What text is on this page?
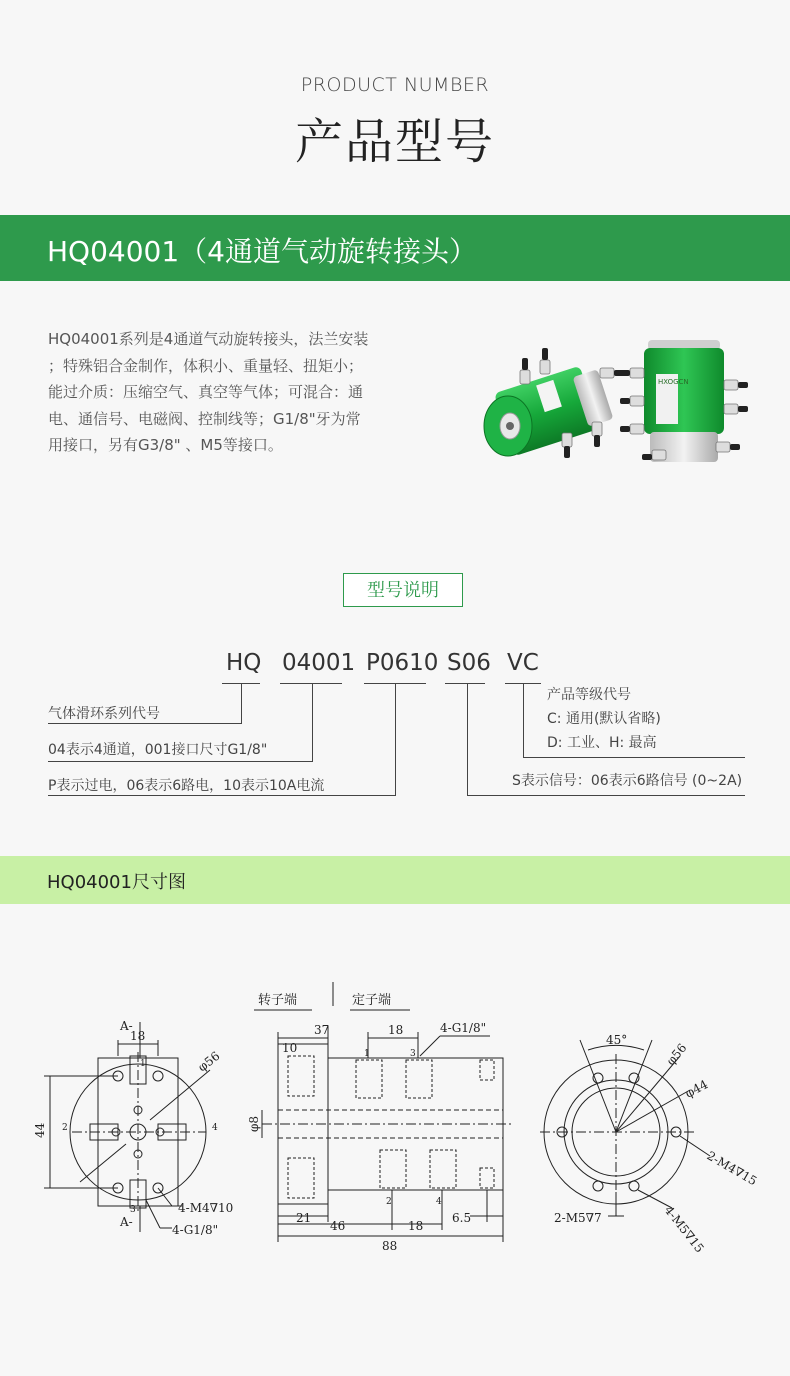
PRODUCT NUMBER
产品型号
HQ04001（4通道气动旋转接头）

HQ04001系列是4通道气动旋转接头，法兰安装

；特殊铝合金制作，体积小、重量轻、扭矩小；

能过介质：压缩空气、真空等气体；可混合：通

电、通信号、电磁阀、控制线等；G1/8"牙为常

用接口，另有G3/8" 、M5等接口。

HXOGCN
型号说明
HQ 04001 P0610 S06 VC
气体滑环系列代号
04表示4通道，001接口尺寸G1/8"
P表示过电，06表示6路电，10表示10A电流	S表示信号：06表示6路信号 (0~2A)
产品等级代号
C: 通用(默认省略)
D: 工业、H: 最高
HQ04001尺寸图
转子端	定子端
φ56
18
A-
A-
44
1
2
3
4
4-M4∇10
4-G1/8"
37
10
18	4-G1/8"
1	3
2	4
φ8
21
46	18
6.5
88
45°
φ56
φ44
2-M4∇15
2-M5∇7	4-M5∇15
